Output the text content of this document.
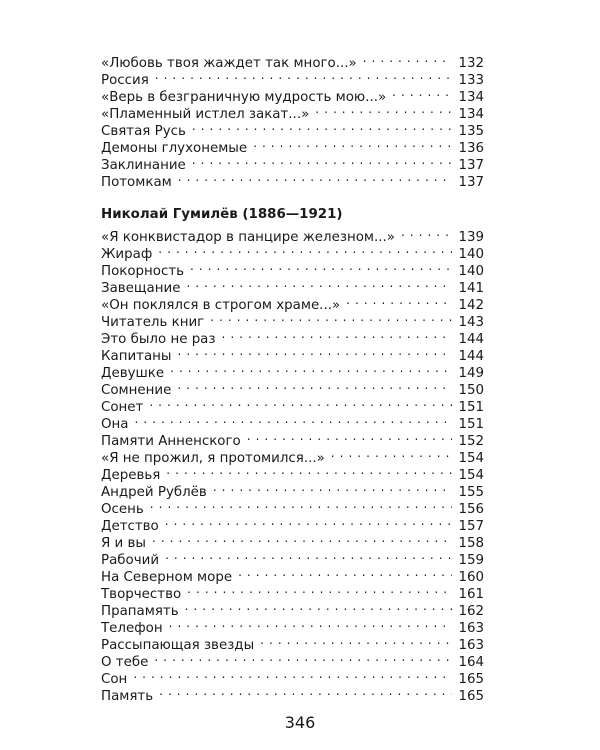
«Любовь твоя жаждет так много...» . . .	132
Россия . . .	133
«Верь в безграничную мудрость мою...» . . .	134
«Пламенный истлел закат...» . . .	134
Святая Русь . . .	135
Демоны глухонемые . . .	136
Заклинание . . .	137
Потомкам . . .	137
Николай Гумилёв (1886—1921)
«Я конквистадор в панцире железном...» . . .	139
Жираф . . .	140
Покорность . . .	140
Завещание . . .	141
«Он поклялся в строгом храме...» . . .	142
Читатель книг . . .	143
Это было не раз . . .	144
Капитаны . . .	144
Девушке . . .	149
Сомнение . . .	150
Сонет . . .	151
Она . . .	151
Памяти Анненского . . .	152
«Я не прожил, я протомился...» . . .	154
Деревья . . .	154
Андрей Рублёв . . .	155
Осень . . .	156
Детство . . .	157
Я и вы . . .	158
Рабочий . . .	159
На Северном море . . .	160
Творчество . . .	161
Прапамять . . .	162
Телефон . . .	163
Рассыпающая звезды . . .	163
О тебе . . .	164
Сон . . .	165
Память . . .	165
346
